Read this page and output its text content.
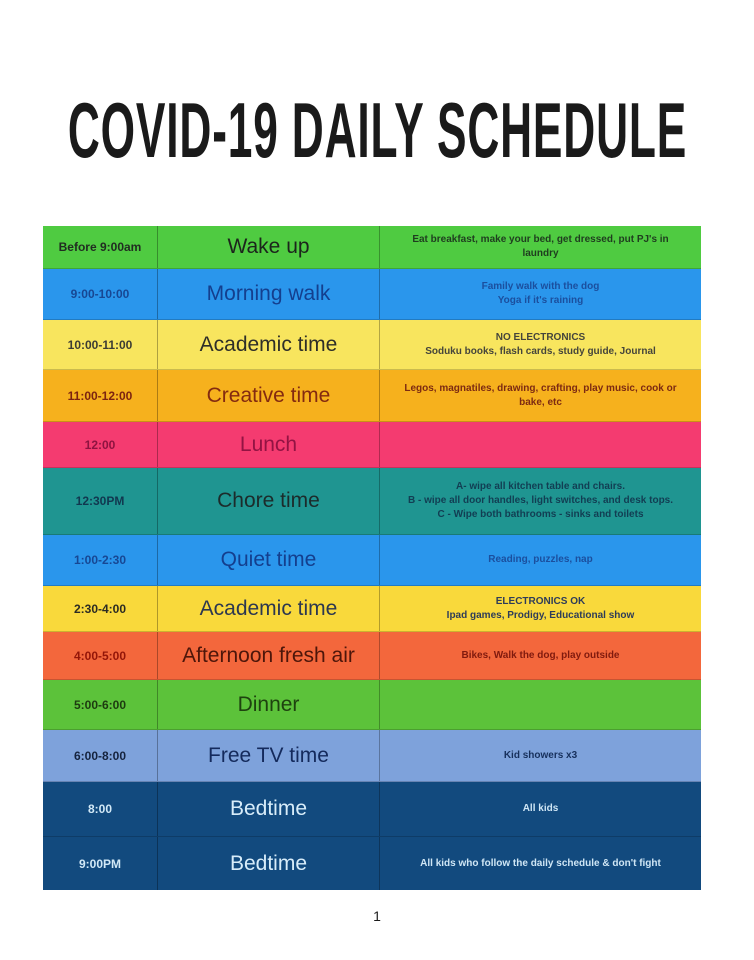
COVID-19 DAILY SCHEDULE
Before 9:00am	Wake up	Eat breakfast, make your bed, get dressed, put PJ's in
laundry
9:00-10:00	Morning walk	Family walk with the dog
Yoga if it's raining
10:00-11:00	Academic time	NO ELECTRONICS
Soduku books, flash cards, study guide, Journal
11:00-12:00	Creative time	Legos, magnatiles, drawing, crafting, play music, cook or
bake, etc
12:00	Lunch
12:30PM	Chore time
A- wipe all kitchen table and chairs.
B - wipe all door handles, light switches, and desk tops.
C - Wipe both bathrooms - sinks and toilets
1:00-2:30	Quiet time	Reading, puzzles, nap
2:30-4:00	Academic time	ELECTRONICS OK
Ipad games, Prodigy, Educational show
4:00-5:00	Afternoon fresh air	Bikes, Walk the dog, play outside
5:00-6:00	Dinner
6:00-8:00	Free TV time	Kid showers x3
8:00	Bedtime	All kids
9:00PM	Bedtime	All kids who follow the daily schedule & don't fight
1
